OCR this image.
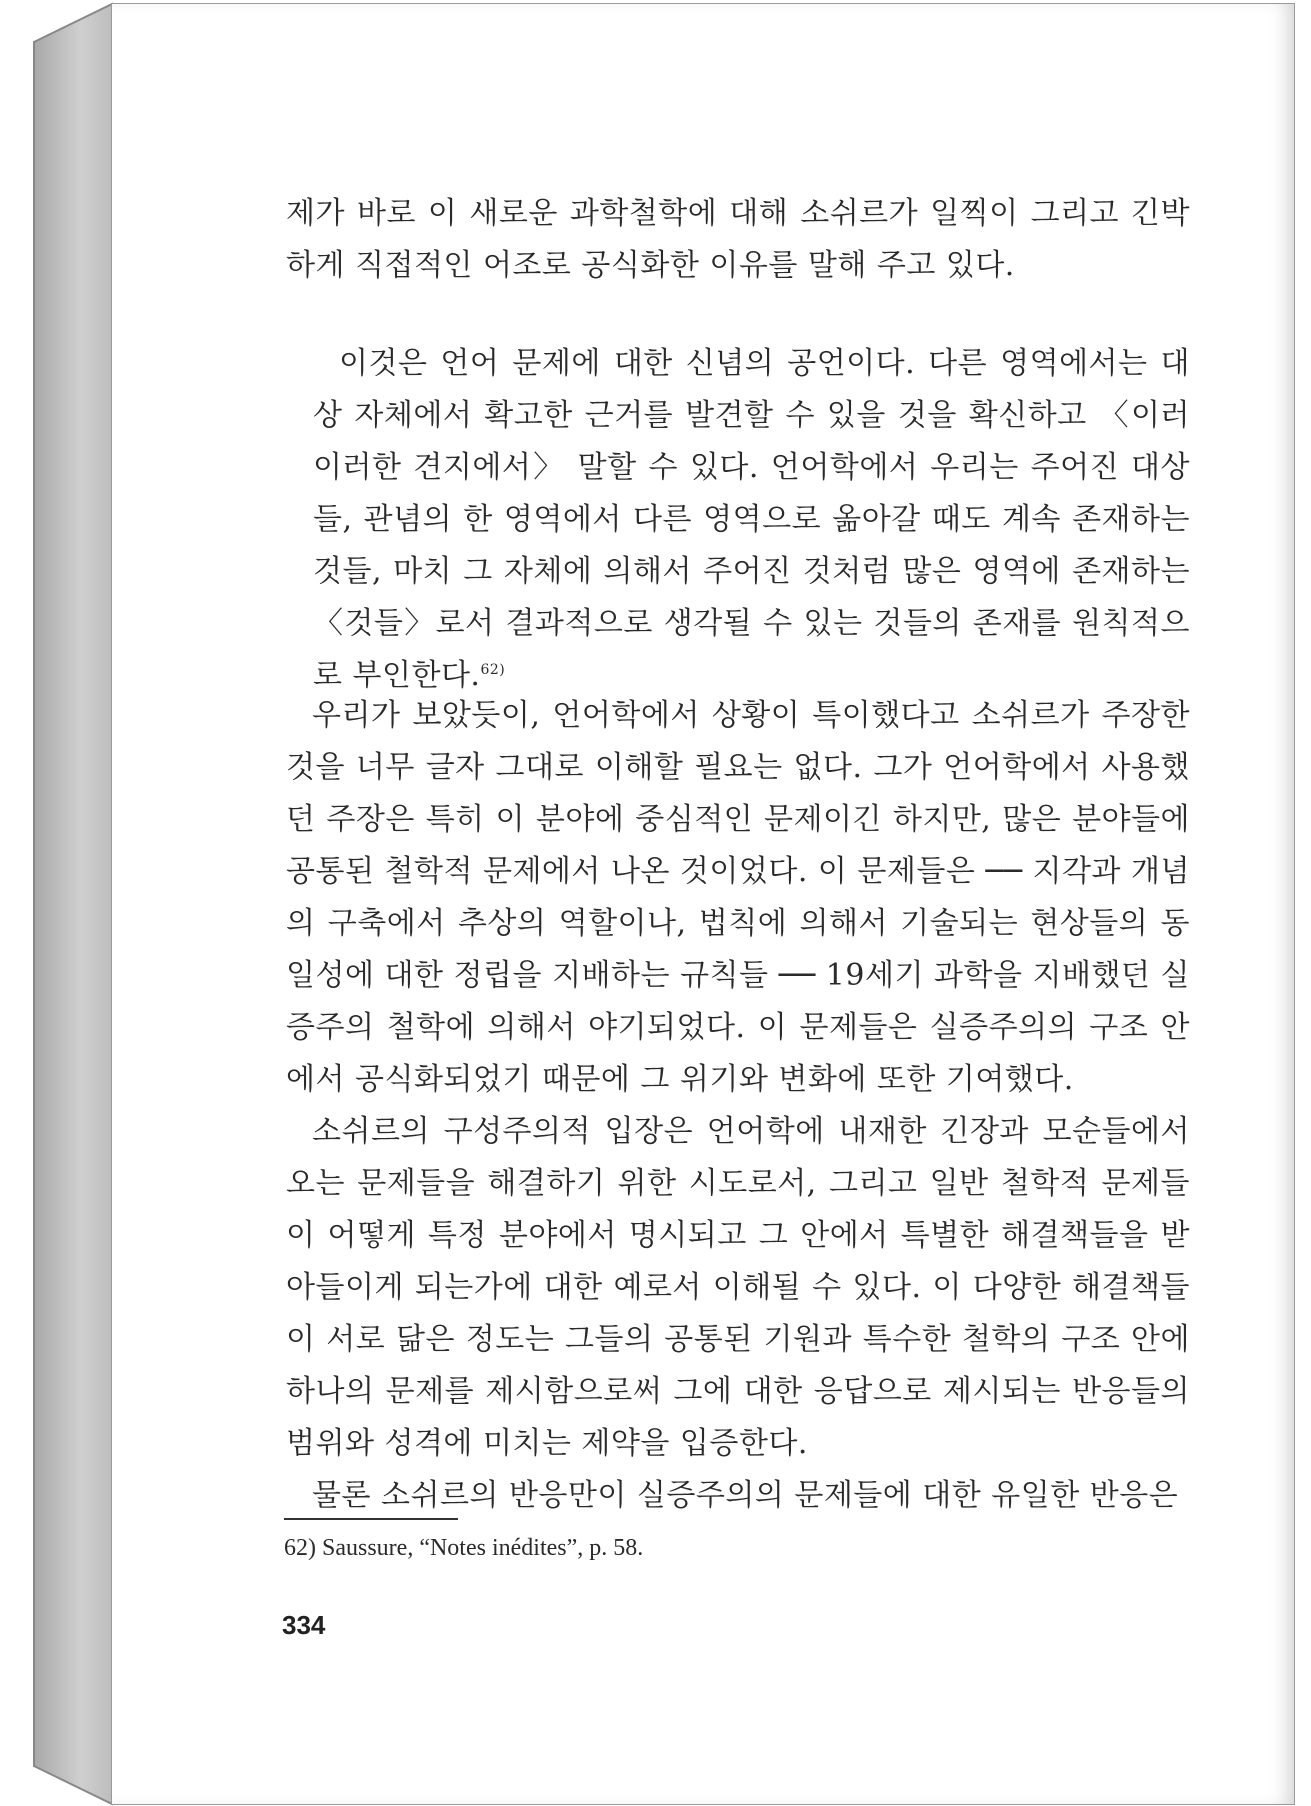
제가 바로 이 새로운 과학철학에 대해 소쉬르가 일찍이 그리고 긴박하게 직접적인 어조로 공식화한 이유를 말해 주고 있다.

이것은 언어 문제에 대한 신념의 공언이다. 다른 영역에서는 대상 자체에서 확고한 근거를 발견할 수 있을 것을 확신하고 〈이러이러한 견지에서〉 말할 수 있다. 언어학에서 우리는 주어진 대상들, 관념의 한 영역에서 다른 영역으로 옮아갈 때도 계속 존재하는 것들, 마치 그 자체에 의해서 주어진 것처럼 많은 영역에 존재하는 〈것들〉로서 결과적으로 생각될 수 있는 것들의 존재를 원칙적으로 부인한다.$^{62)}$

우리가 보았듯이, 언어학에서 상황이 특이했다고 소쉬르가 주장한 것을 너무 글자 그대로 이해할 필요는 없다. 그가 언어학에서 사용했던 주장은 특히 이 분야에 중심적인 문제이긴 하지만, 많은 분야들에 공통된 철학적 문제에서 나온 것이었다. 이 문제들은 ── 지각과 개념의 구축에서 추상의 역할이나, 법칙에 의해서 기술되는 현상들의 동일성에 대한 정립을 지배하는 규칙들 ── 19세기 과학을 지배했던 실증주의 철학에 의해서 야기되었다. 이 문제들은 실증주의의 구조 안에서 공식화되었기 때문에 그 위기와 변화에 또한 기여했다.

소쉬르의 구성주의적 입장은 언어학에 내재한 긴장과 모순들에서 오는 문제들을 해결하기 위한 시도로서, 그리고 일반 철학적 문제들이 어떻게 특정 분야에서 명시되고 그 안에서 특별한 해결책들을 받아들이게 되는가에 대한 예로서 이해될 수 있다. 이 다양한 해결책들이 서로 닮은 정도는 그들의 공통된 기원과 특수한 철학의 구조 안에 하나의 문제를 제시함으로써 그에 대한 응답으로 제시되는 반응들의 범위와 성격에 미치는 제약을 입증한다.

물론 소쉬르의 반응만이 실증주의의 문제들에 대한 유일한 반응은

62) Saussure, “Notes inédites”, p. 58.
334
